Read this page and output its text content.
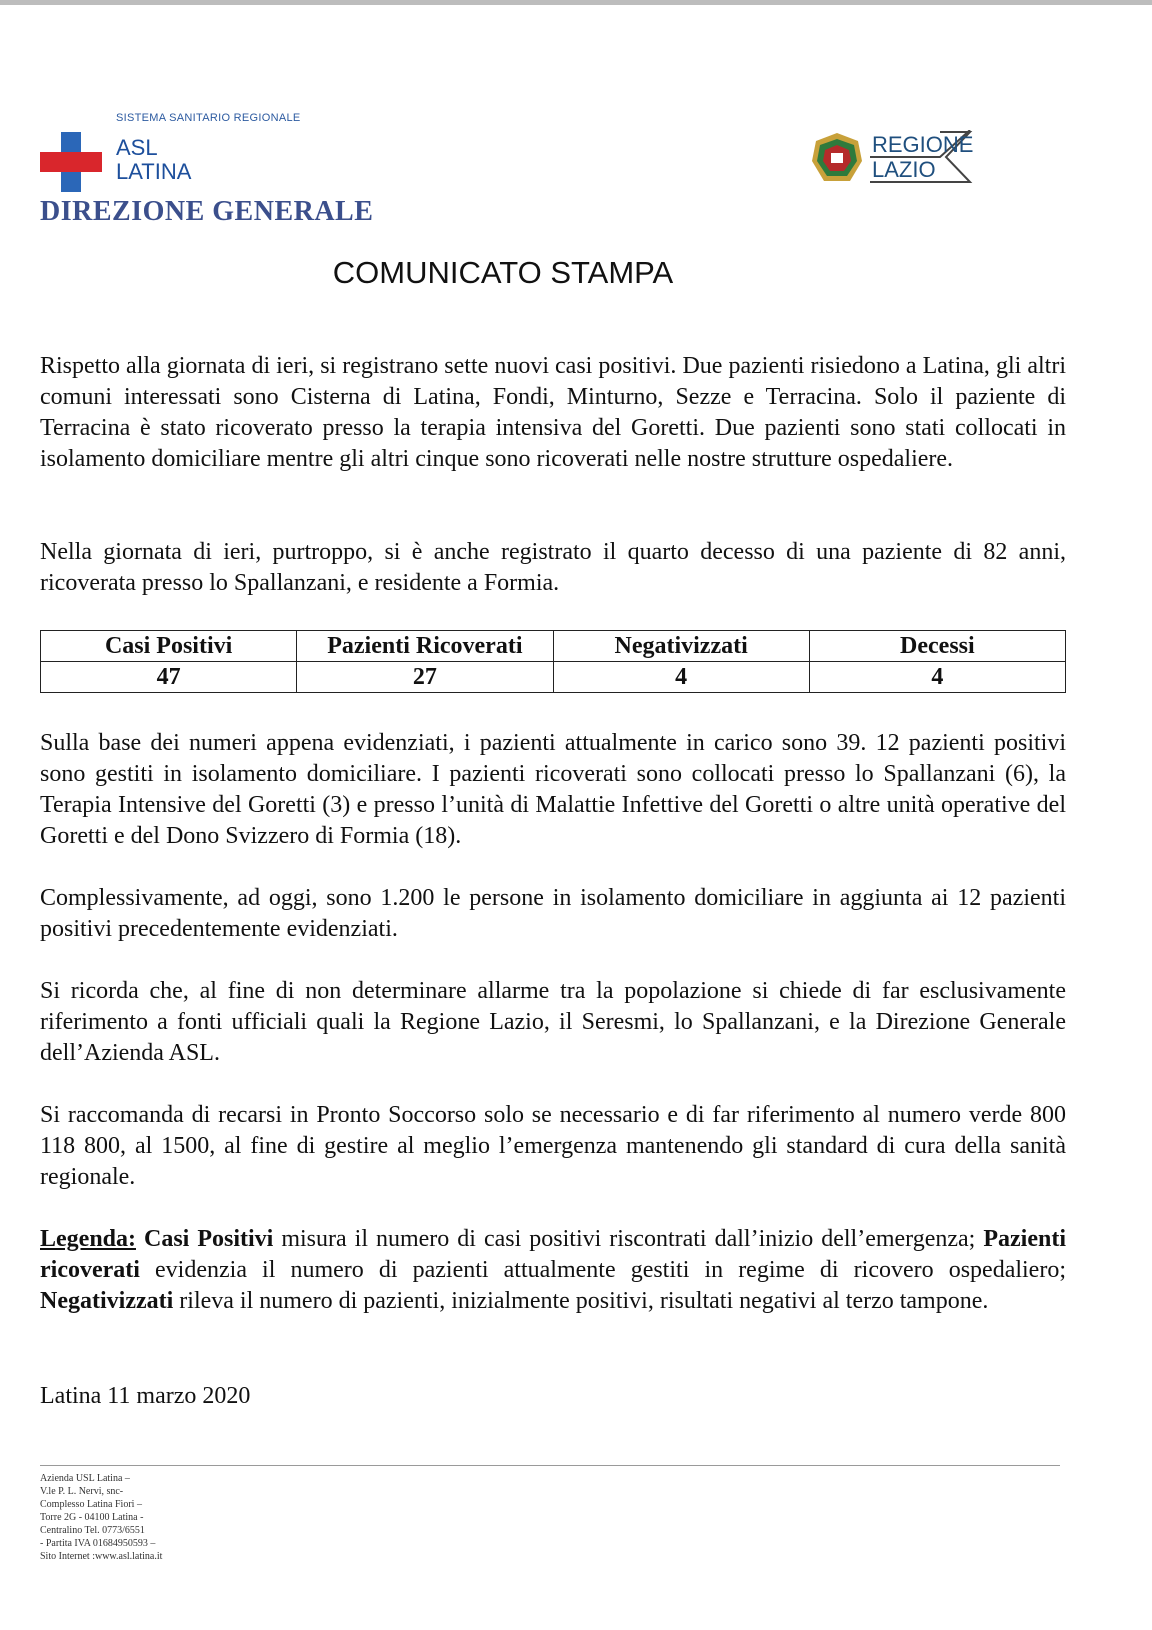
SISTEMA SANITARIO REGIONALE
ASL
LATINA
DIREZIONE GENERALE
REGIONE
LAZIO
COMUNICATO STAMPA

Rispetto alla giornata di ieri, si registrano sette nuovi casi positivi. Due pazienti risiedono a Latina, gli altri comuni interessati sono Cisterna di Latina, Fondi, Minturno, Sezze e Terracina. Solo il paziente di Terracina è stato ricoverato presso la terapia intensiva del Goretti. Due pazienti sono stati collocati in isolamento domiciliare mentre gli altri cinque sono ricoverati nelle nostre strutture ospedaliere.

Nella giornata di ieri, purtroppo, si è anche registrato il quarto decesso di una paziente di 82 anni, ricoverata presso lo Spallanzani, e residente a Formia.

Casi Positivi	Pazienti Ricoverati	Negativizzati	Decessi
47	27	4	4

Sulla base dei numeri appena evidenziati, i pazienti attualmente in carico sono 39. 12 pazienti positivi sono gestiti in isolamento domiciliare. I pazienti ricoverati sono collocati presso lo Spallanzani (6), la Terapia Intensive del Goretti (3) e presso l’unità di Malattie Infettive del Goretti o altre unità operative del Goretti e del Dono Svizzero di Formia (18).

Complessivamente, ad oggi, sono 1.200 le persone in isolamento domiciliare in aggiunta ai 12 pazienti positivi precedentemente evidenziati.

Si ricorda che, al fine di non determinare allarme tra la popolazione si chiede di far esclusivamente riferimento a fonti ufficiali quali la Regione Lazio, il Seresmi, lo Spallanzani, e la Direzione Generale dell’Azienda ASL.

Si raccomanda di recarsi in Pronto Soccorso solo se necessario e di far riferimento al numero verde 800 118 800, al 1500, al fine di gestire al meglio l’emergenza mantenendo gli standard di cura della sanità regionale.

Legenda: Casi Positivi misura il numero di casi positivi riscontrati dall’inizio dell’emergenza; Pazienti ricoverati evidenzia il numero di pazienti attualmente gestiti in regime di ricovero ospedaliero; Negativizzati rileva il numero di pazienti, inizialmente positivi, risultati negativi al terzo tampone.

Latina 11 marzo 2020

Azienda USL Latina –
V.le P. L. Nervi, snc-
Complesso Latina Fiori –
Torre 2G - 04100 Latina -
Centralino Tel. 0773/6551
- Partita IVA 01684950593 –
Sito Internet :www.asl.latina.it
